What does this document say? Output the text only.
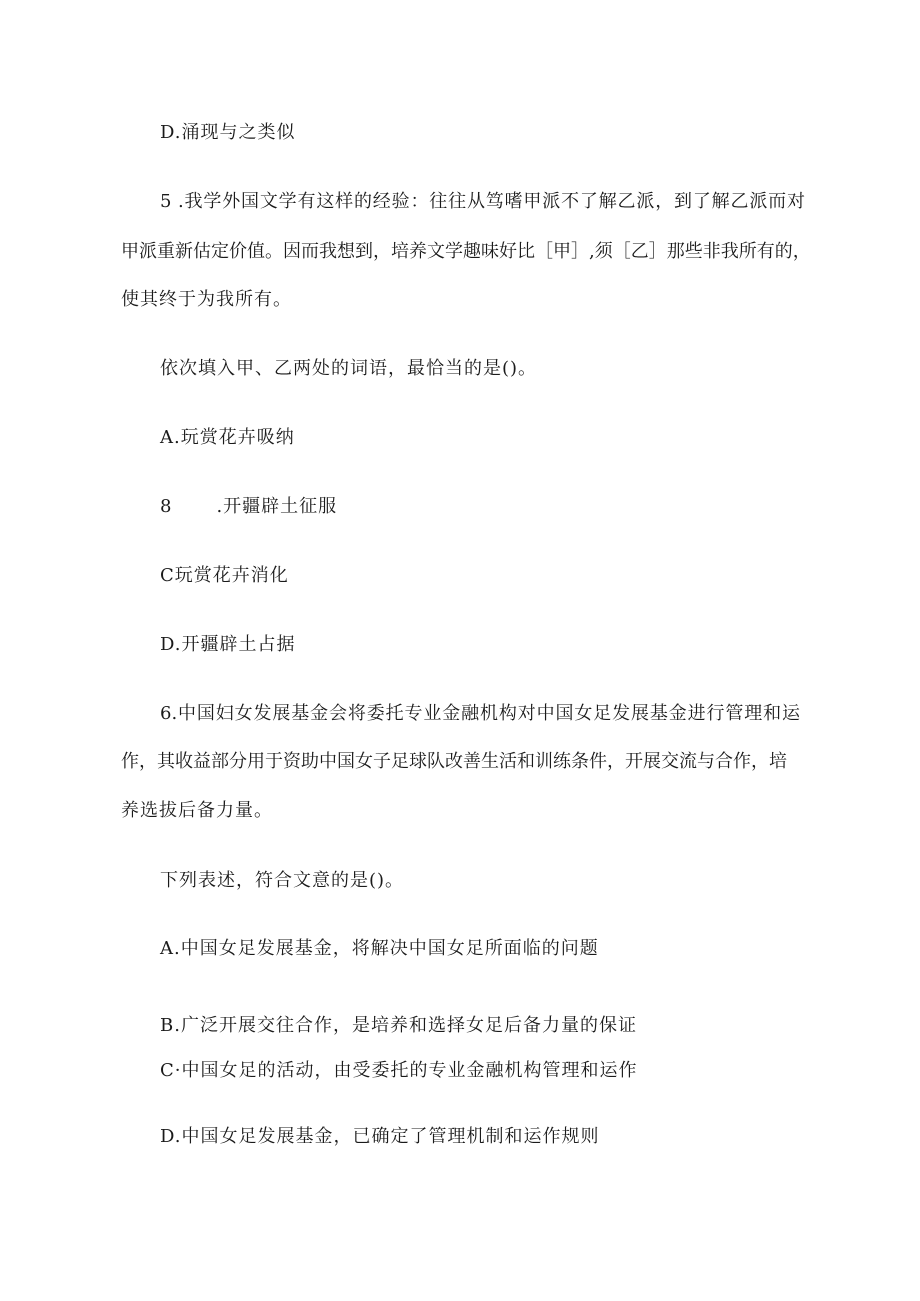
D.涌现与之类似

5 .我学外国文学有这样的经验：往往从笃嗜甲派不了解乙派，到了解乙派而对

甲派重新估定价值。因而我想到，培养文学趣味好比［甲］,须［乙］那些非我所有的，

使其终于为我所有。

依次填入甲、乙两处的词语，最恰当的是()。

A.玩赏花卉吸纳

8 .开疆辟土征服

C玩赏花卉消化

D.开疆辟土占据

6.中国妇女发展基金会将委托专业金融机构对中国女足发展基金进行管理和运

作，其收益部分用于资助中国女子足球队改善生活和训练条件，开展交流与合作，培

养选拔后备力量。

下列表述，符合文意的是()。

A.中国女足发展基金，将解决中国女足所面临的问题

B.广泛开展交往合作，是培养和选择女足后备力量的保证

C·中国女足的活动，由受委托的专业金融机构管理和运作

D.中国女足发展基金，已确定了管理机制和运作规则
